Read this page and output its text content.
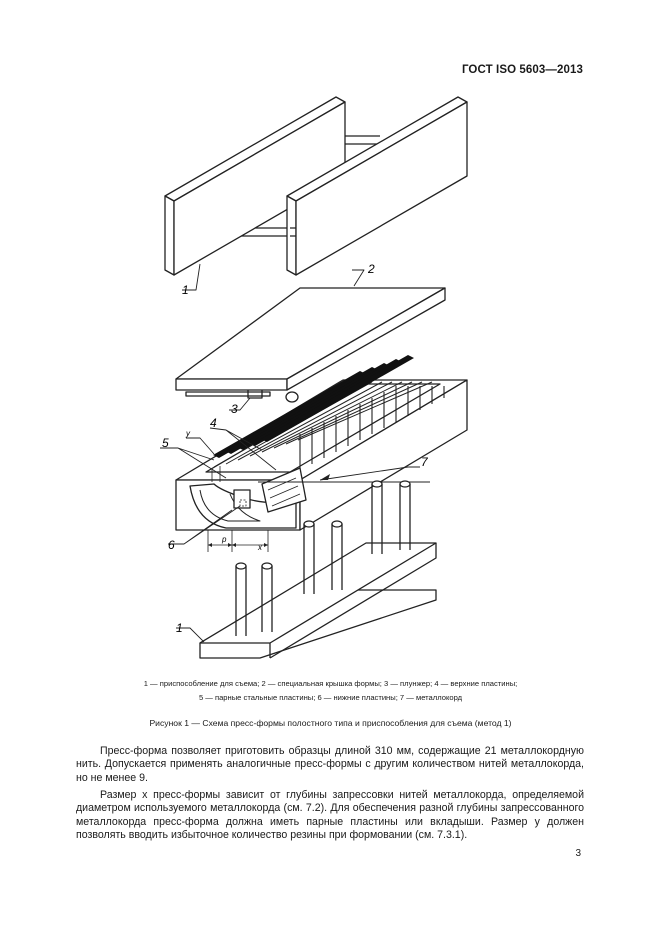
ГОСТ ISO 5603—2013
1
2
3
4
5
6
7
1
y
p
x
1 — приспособление для съема; 2 — специальная крышка формы; 3 — плунжер; 4 — верхние пластины;
5 — парные стальные пластины; 6 — нижние пластины; 7 — металлокорд
Рисунок 1 — Схема пресс-формы полостного типа и приспособления для съема (метод 1)

Пресс-форма позволяет приготовить образцы длиной 310 мм, содержащие 21 металлокордную нить. Допускается применять аналогичные пресс-формы с другим количеством нитей металлокорда, но не менее 9.

Размер x пресс-формы зависит от глубины запрессовки нитей металлокорда, определяемой диаметром используемого металлокорда (см. 7.2). Для обеспечения разной глубины запрессованного металлокорда пресс-форма должна иметь парные пластины или вкладыши. Размер y должен позволять вводить избыточное количество резины при формовании (см. 7.3.1).

3
